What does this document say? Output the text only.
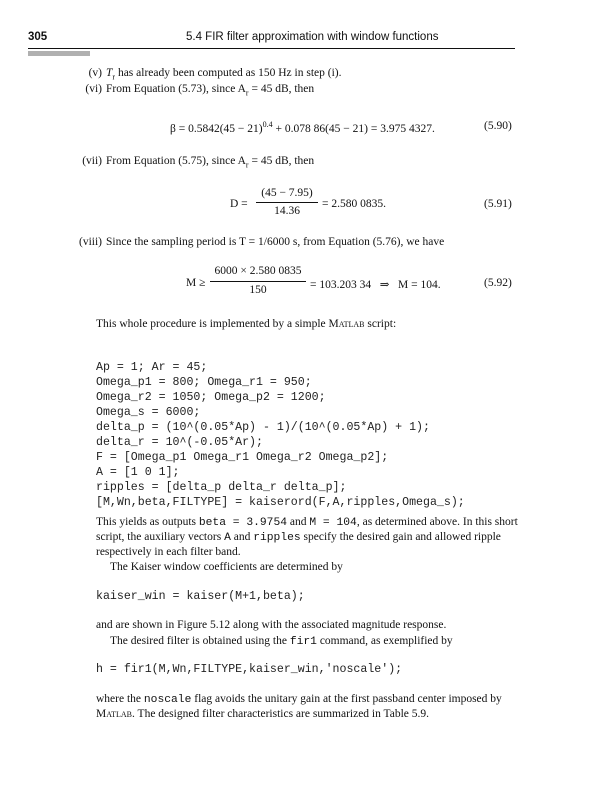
305	5.4 FIR filter approximation with window functions
(v) $T_r$ has already been computed as 150 Hz in step (i).
(vi) From Equation (5.73), since $A_r = 45$ dB, then
$\beta = 0.5842(45 - 21)^{0.4} + 0.078$ 86(45 − 21) = 3.975 4327.	(5.90)
(vii) From Equation (5.75), since $A_r = 45$ dB, then
D =
(45 − 7.95)
14.36
= 2.580 0835.	(5.91)
(viii) Since the sampling period is T = 1/6000 s, from Equation (5.76), we have
M ≥
6000 × 2.580 0835
150	= 103.203 34   ⇒   M = 104.	(5.92)
This whole procedure is implemented by a simple Matlab script:

Ap = 1; Ar = 45;
Omega_p1 = 800; Omega_r1 = 950;
Omega_r2 = 1050; Omega_p2 = 1200;
Omega_s = 6000;
delta_p = (10^(0.05*Ap) - 1)/(10^(0.05*Ap) + 1);
delta_r = 10^(-0.05*Ar);
F = [Omega_p1 Omega_r1 Omega_r2 Omega_p2];
A = [1 0 1];
ripples = [delta_p delta_r delta_p];
[M,Wn,beta,FILTYPE] = kaiserord(F,A,ripples,Omega_s);

This yields as outputs beta = 3.9754 and M = 104, as determined above. In this short
script, the auxiliary vectors A and ripples specify the desired gain and allowed ripple
respectively in each filter band.
The Kaiser window coefficients are determined by
kaiser_win = kaiser(M+1,beta);
and are shown in Figure 5.12 along with the associated magnitude response.
The desired filter is obtained using the fir1 command, as exemplified by
h = fir1(M,Wn,FILTYPE,kaiser_win,'noscale');
where the noscale flag avoids the unitary gain at the first passband center imposed by
Matlab. The designed filter characteristics are summarized in Table 5.9.
